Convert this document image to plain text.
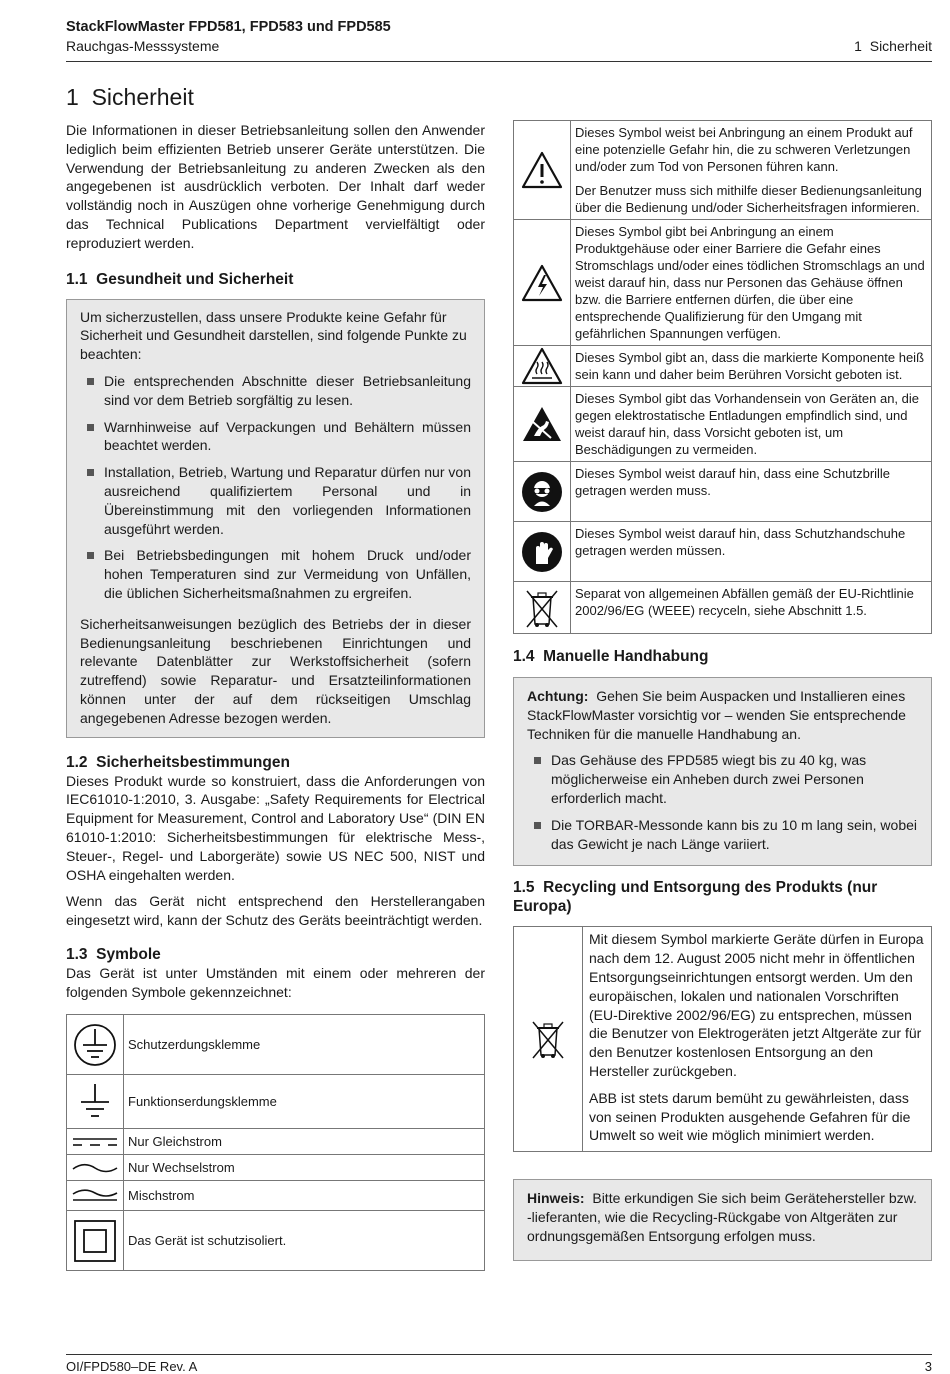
StackFlowMaster FPD581, FPD583 und FPD585
Rauchgas-Messsysteme	1  Sicherheit
1  Sicherheit

Die Informationen in dieser Betriebsanleitung sollen den Anwender lediglich beim effizienten Betrieb unserer Geräte unterstützen. Die Verwendung der Betriebsanleitung zu anderen Zwecken als den angegebenen ist ausdrücklich verboten. Der Inhalt darf weder vollständig noch in Auszügen ohne vorherige Genehmigung durch das Technical Publications Department vervielfältigt oder reproduziert werden.

1.1  Gesundheit und Sicherheit

Um sicherzustellen, dass unsere Produkte keine Gefahr für Sicherheit und Gesundheit darstellen, sind folgende Punkte zu beachten:

Die entsprechenden Abschnitte dieser Betriebsanleitung sind vor dem Betrieb sorgfältig zu lesen.
Warnhinweise auf Verpackungen und Behältern müssen beachtet werden.
Installation, Betrieb, Wartung und Reparatur dürfen nur von ausreichend qualifiziertem Personal und in Übereinstimmung mit den vorliegenden Informationen ausgeführt werden.
Bei Betriebsbedingungen mit hohem Druck und/oder hohen Temperaturen sind zur Vermeidung von Unfällen, die üblichen Sicherheitsmaßnahmen zu ergreifen.

Sicherheitsanweisungen bezüglich des Betriebs der in dieser Bedienungsanleitung beschriebenen Einrichtungen und relevante Datenblätter zur Werkstoffsicherheit (sofern zutreffend) sowie Reparatur- und Ersatzteilinformationen können unter der auf dem rückseitigen Umschlag angegebenen Adresse bezogen werden.

1.2  Sicherheitsbestimmungen

Dieses Produkt wurde so konstruiert, dass die Anforderungen von IEC61010-1:2010, 3. Ausgabe: „Safety Requirements for Electrical Equipment for Measurement, Control and Laboratory Use“ (DIN EN 61010-1:2010: Sicherheitsbestimmungen für elektrische Mess-, Steuer-, Regel- und Laborgeräte) sowie US NEC 500, NIST und OSHA eingehalten werden.

Wenn das Gerät nicht entsprechend den Herstellerangaben eingesetzt wird, kann der Schutz des Geräts beeinträchtigt werden.

1.3  Symbole

Das Gerät ist unter Umständen mit einem oder mehreren der folgenden Symbole gekennzeichnet:

	Schutzerdungsklemme

	Funktionserdungsklemme

	Nur Gleichstrom

	Nur Wechselstrom

	Mischstrom

	Das Gerät ist schutzisoliert.

Dieses Symbol weist bei Anbringung an einem Produkt auf eine potenzielle Gefahr hin, die zu schweren Verletzungen und/oder zum Tod von Personen führen kann.

Der Benutzer muss sich mithilfe dieser Bedienungsanleitung über die Bedienung und/oder Sicherheitsfragen informieren.

	Dieses Symbol gibt bei Anbringung an einem Produktgehäuse oder einer Barriere die Gefahr eines Stromschlags und/oder eines tödlichen Stromschlags an und weist darauf hin, dass nur Personen das Gehäuse öffnen bzw. die Barriere entfernen dürfen, die über eine entsprechende Qualifizierung für den Umgang mit gefährlichen Spannungen verfügen.

	Dieses Symbol gibt an, dass die markierte Komponente heiß sein kann und daher beim Berühren Vorsicht geboten ist.

	Dieses Symbol gibt das Vorhandensein von Geräten an, die gegen elektrostatische Entladungen empfindlich sind, und weist darauf hin, dass Vorsicht geboten ist, um Beschädigungen zu vermeiden.

	Dieses Symbol weist darauf hin, dass eine Schutzbrille getragen werden muss.

	Dieses Symbol weist darauf hin, dass Schutzhandschuhe getragen werden müssen.

	Separat von allgemeinen Abfällen gemäß der EU-Richtlinie 2002/96/EG (WEEE) recyceln, siehe Abschnitt 1.5.
1.4  Manuelle Handhabung

Achtung: Gehen Sie beim Auspacken und Installieren eines StackFlowMaster vorsichtig vor – wenden Sie entsprechende Techniken für die manuelle Handhabung an.

Das Gehäuse des FPD585 wiegt bis zu 40 kg, was möglicherweise ein Anheben durch zwei Personen erforderlich macht.
Die TORBAR-Messonde kann bis zu 10 m lang sein, wobei das Gewicht je nach Länge variiert.
1.5  Recycling und Entsorgung des Produkts (nur Europa)

Mit diesem Symbol markierte Geräte dürfen in Europa nach dem 12. August 2005 nicht mehr in öffentlichen Entsorgungseinrichtungen entsorgt werden. Um den europäischen, lokalen und nationalen Vorschriften (EU-Direktive 2002/96/EG) zu entsprechen, müssen die Benutzer von Elektrogeräten jetzt Altgeräte zur für den Benutzer kostenlosen Entsorgung an den Hersteller zurückgeben.

ABB ist stets darum bemüht zu gewährleisten, dass von seinen Produkten ausgehende Gefahren für die Umwelt so weit wie möglich minimiert werden.

Hinweis: Bitte erkundigen Sie sich beim Gerätehersteller bzw. -lieferanten, wie die Recycling-Rückgabe von Altgeräten zur ordnungsgemäßen Entsorgung erfolgen muss.

OI/FPD580–DE Rev. A	3
